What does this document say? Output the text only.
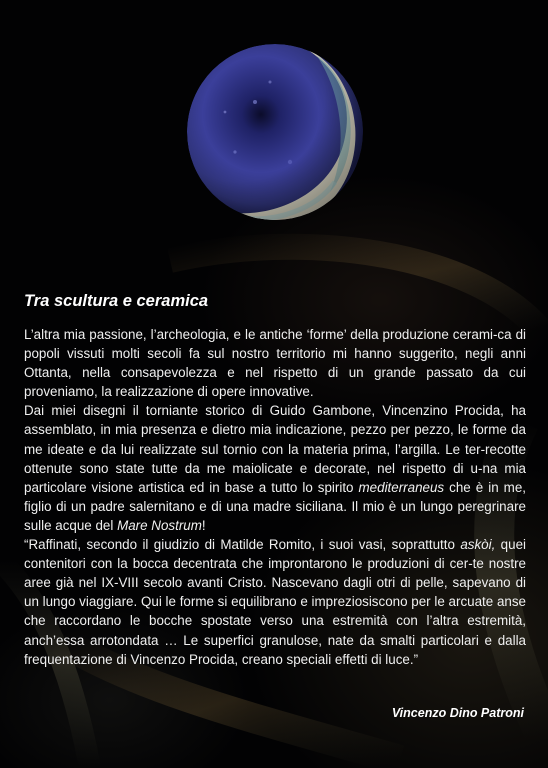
Tra scultura e ceramica

L’altra mia passione, l’archeologia, e le antiche ‘forme’ della produzione cerami-ca di popoli vissuti molti secoli fa sul nostro territorio mi hanno suggerito, negli anni Ottanta, nella consapevolezza e nel rispetto di un grande passato da cui proveniamo, la realizzazione di opere innovative.

Dai miei disegni il torniante storico di Guido Gambone, Vincenzino Procida, ha assemblato, in mia presenza e dietro mia indicazione, pezzo per pezzo, le forme da me ideate e da lui realizzate sul tornio con la materia prima, l’argilla. Le ter-recotte ottenute sono state tutte da me maiolicate e decorate, nel rispetto di u-na mia particolare visione artistica ed in base a tutto lo spirito mediterraneus che è in me, figlio di un padre salernitano e di una madre siciliana. Il mio è un lungo peregrinare sulle acque del Mare Nostrum!

“Raffinati, secondo il giudizio di Matilde Romito, i suoi vasi, soprattutto askòi, quei contenitori con la bocca decentrata che improntarono le produzioni di cer-te nostre aree già nel IX-VIII secolo avanti Cristo. Nascevano dagli otri di pelle, sapevano di un lungo viaggiare. Qui le forme si equilibrano e impreziosiscono per le arcuate anse che raccordano le bocche spostate verso una estremità con l’altra estremità, anch’essa arrotondata … Le superfici granulose, nate da smalti particolari e dalla frequentazione di Vincenzo Procida, creano speciali effetti di luce.”

Vincenzo Dino Patroni
